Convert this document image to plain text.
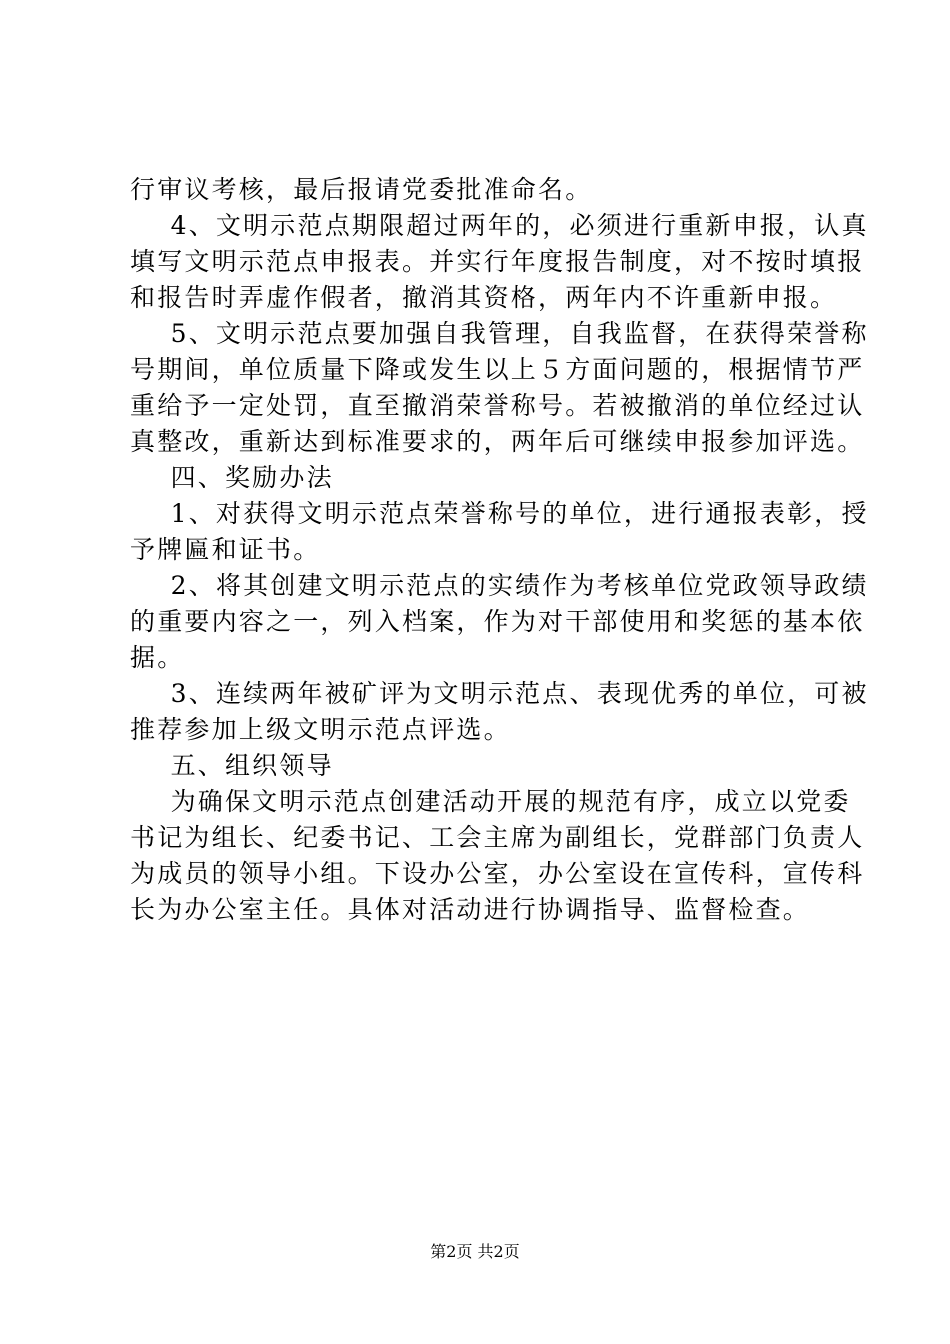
行审议考核，最后报请党委批准命名。
4、文明示范点期限超过两年的，必须进行重新申报，认真
填写文明示范点申报表。并实行年度报告制度，对不按时填报
和报告时弄虚作假者，撤消其资格，两年内不许重新申报。
5、文明示范点要加强自我管理，自我监督，在获得荣誉称
号期间，单位质量下降或发生以上５方面问题的，根据情节严
重给予一定处罚，直至撤消荣誉称号。若被撤消的单位经过认
真整改，重新达到标准要求的，两年后可继续申报参加评选。
四、奖励办法
1、对获得文明示范点荣誉称号的单位，进行通报表彰，授
予牌匾和证书。
2、将其创建文明示范点的实绩作为考核单位党政领导政绩
的重要内容之一，列入档案，作为对干部使用和奖惩的基本依
据。
3、连续两年被矿评为文明示范点、表现优秀的单位，可被
推荐参加上级文明示范点评选。
五、组织领导
为确保文明示范点创建活动开展的规范有序，成立以党委
书记为组长、纪委书记、工会主席为副组长，党群部门负责人
为成员的领导小组。下设办公室，办公室设在宣传科，宣传科
长为办公室主任。具体对活动进行协调指导、监督检查。
第2页 共2页
